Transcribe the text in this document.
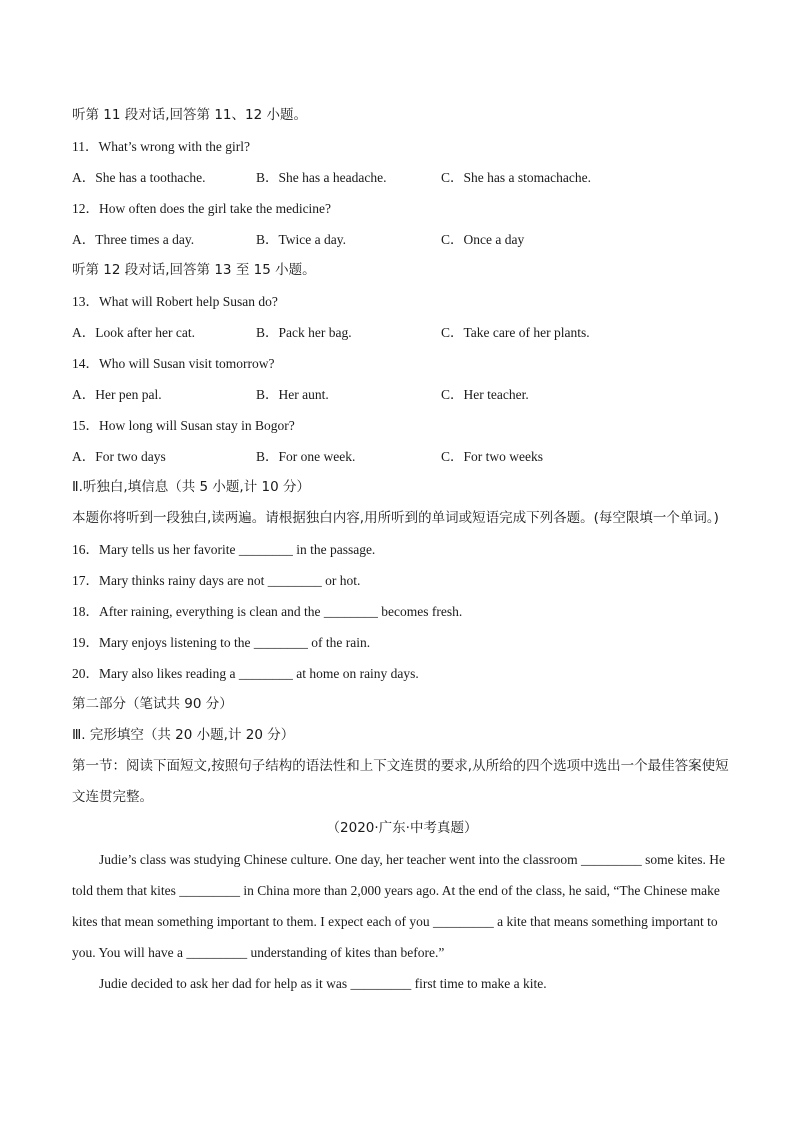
听第 11 段对话,回答第 11、12 小题。
11．What’s wrong with the girl?
A．She has a toothache.	B．She has a headache.	C．She has a stomachache.
12．How often does the girl take the medicine?
A．Three times a day.	B．Twice a day.	C．Once a day
听第 12 段对话,回答第 13 至 15 小题。
13．What will Robert help Susan do?
A．Look after her cat.	B．Pack her bag.	C．Take care of her plants.
14．Who will Susan visit tomorrow?
A．Her pen pal.	B．Her aunt.	C．Her teacher.
15．How long will Susan stay in Bogor?
A．For two days	B．For one week.	C．For two weeks
Ⅱ.听独白,填信息（共 5 小题,计 10 分）
本题你将听到一段独白,读两遍。请根据独白内容,用所听到的单词或短语完成下列各题。(每空限填一个单词。)
16．Mary tells us her favorite ________ in the passage.
17．Mary thinks rainy days are not ________ or hot.
18．After raining, everything is clean and the ________ becomes fresh.
19．Mary enjoys listening to the ________ of the rain.
20．Mary also likes reading a ________ at home on rainy days.
第二部分（笔试共 90 分）
Ⅲ. 完形填空（共 20 小题,计 20 分）
第一节：阅读下面短文,按照句子结构的语法性和上下文连贯的要求,从所给的四个选项中选出一个最佳答案使短文连贯完整。
（2020·广东·中考真题）
Judie’s class was studying Chinese culture. One day, her teacher went into the classroom _________ some kites. He told them that kites _________ in China more than 2,000 years ago. At the end of the class, he said, “The Chinese make kites that mean something important to them. I expect each of you _________ a kite that means something important to you. You will have a _________ understanding of kites than before.”
Judie decided to ask her dad for help as it was _________ first time to make a kite.
